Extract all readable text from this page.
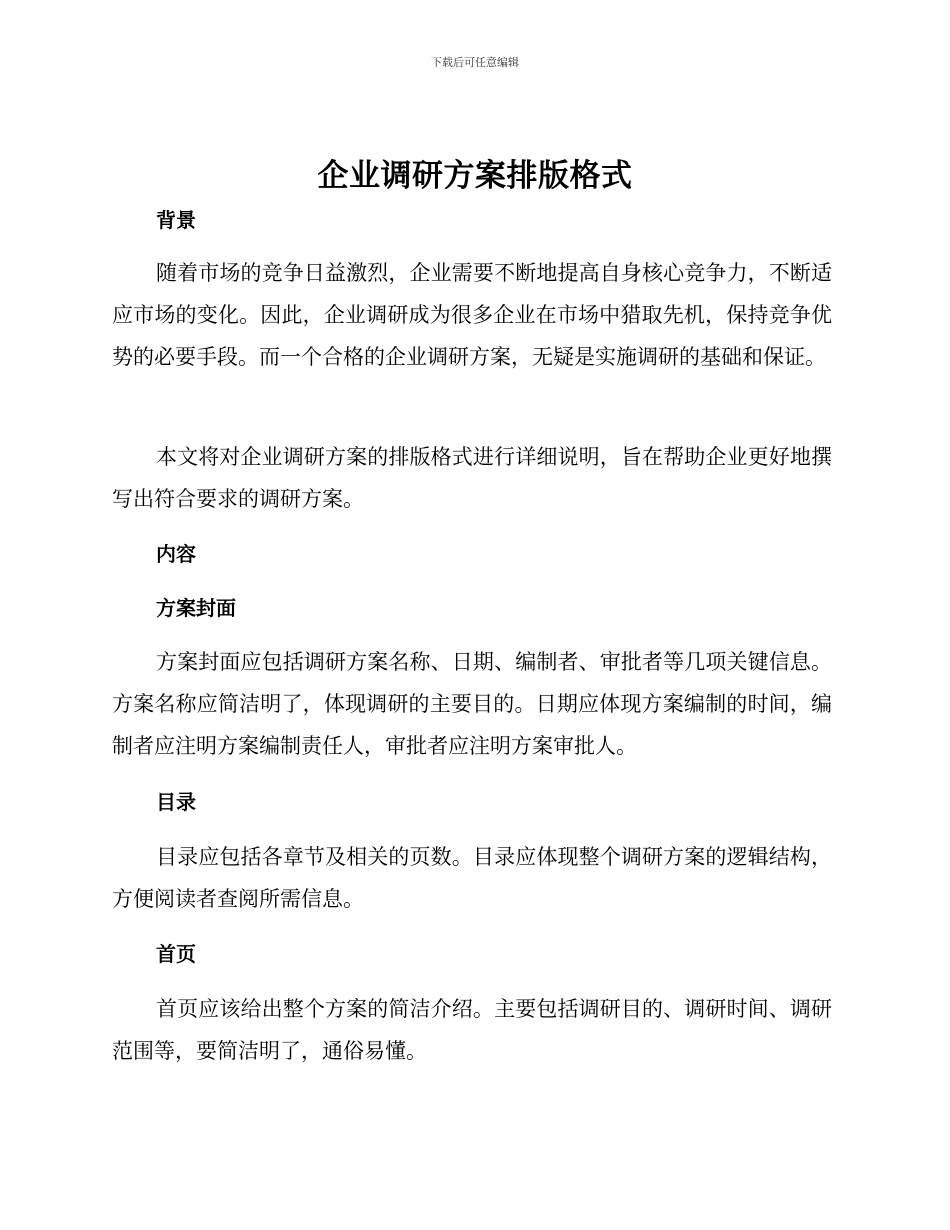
下载后可任意编辑
企业调研方案排版格式
背景
随着市场的竞争日益激烈，企业需要不断地提高自身核心竞争力，不断适应市场的变化。因此，企业调研成为很多企业在市场中猎取先机，保持竞争优势的必要手段。而一个合格的企业调研方案，无疑是实施调研的基础和保证。
本文将对企业调研方案的排版格式进行详细说明，旨在帮助企业更好地撰写出符合要求的调研方案。
内容
方案封面
方案封面应包括调研方案名称、日期、编制者、审批者等几项关键信息。方案名称应简洁明了，体现调研的主要目的。日期应体现方案编制的时间，编制者应注明方案编制责任人，审批者应注明方案审批人。
目录
目录应包括各章节及相关的页数。目录应体现整个调研方案的逻辑结构，方便阅读者查阅所需信息。
首页
首页应该给出整个方案的简洁介绍。主要包括调研目的、调研时间、调研范围等，要简洁明了，通俗易懂。
